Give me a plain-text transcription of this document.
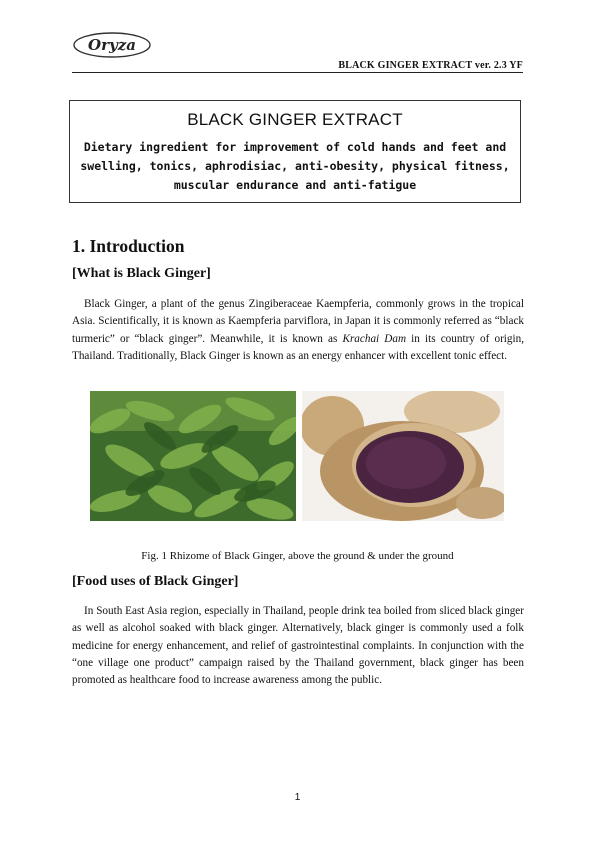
Oryza
BLACK GINGER EXTRACT ver. 2.3 YF
BLACK GINGER EXTRACT
Dietary ingredient for improvement of cold hands and feet and swelling, tonics, aphrodisiac, anti-obesity, physical fitness, muscular endurance and anti-fatigue
1. Introduction
[What is Black Ginger]

Black Ginger, a plant of the genus Zingiberaceae Kaempferia, commonly grows in the tropical Asia. Scientifically, it is known as Kaempferia parviflora, in Japan it is commonly referred as “black turmeric” or “black ginger”. Meanwhile, it is known as Krachai Dam in its country of origin, Thailand. Traditionally, Black Ginger is known as an energy enhancer with excellent tonic effect.

Fig. 1 Rhizome of Black Ginger, above the ground & under the ground
[Food uses of Black Ginger]

In South East Asia region, especially in Thailand, people drink tea boiled from sliced black ginger as well as alcohol soaked with black ginger. Alternatively, black ginger is commonly used a folk medicine for energy enhancement, and relief of gastrointestinal complaints. In conjunction with the “one village one product” campaign raised by the Thailand government, black ginger has been promoted as healthcare food to increase awareness among the public.

1
